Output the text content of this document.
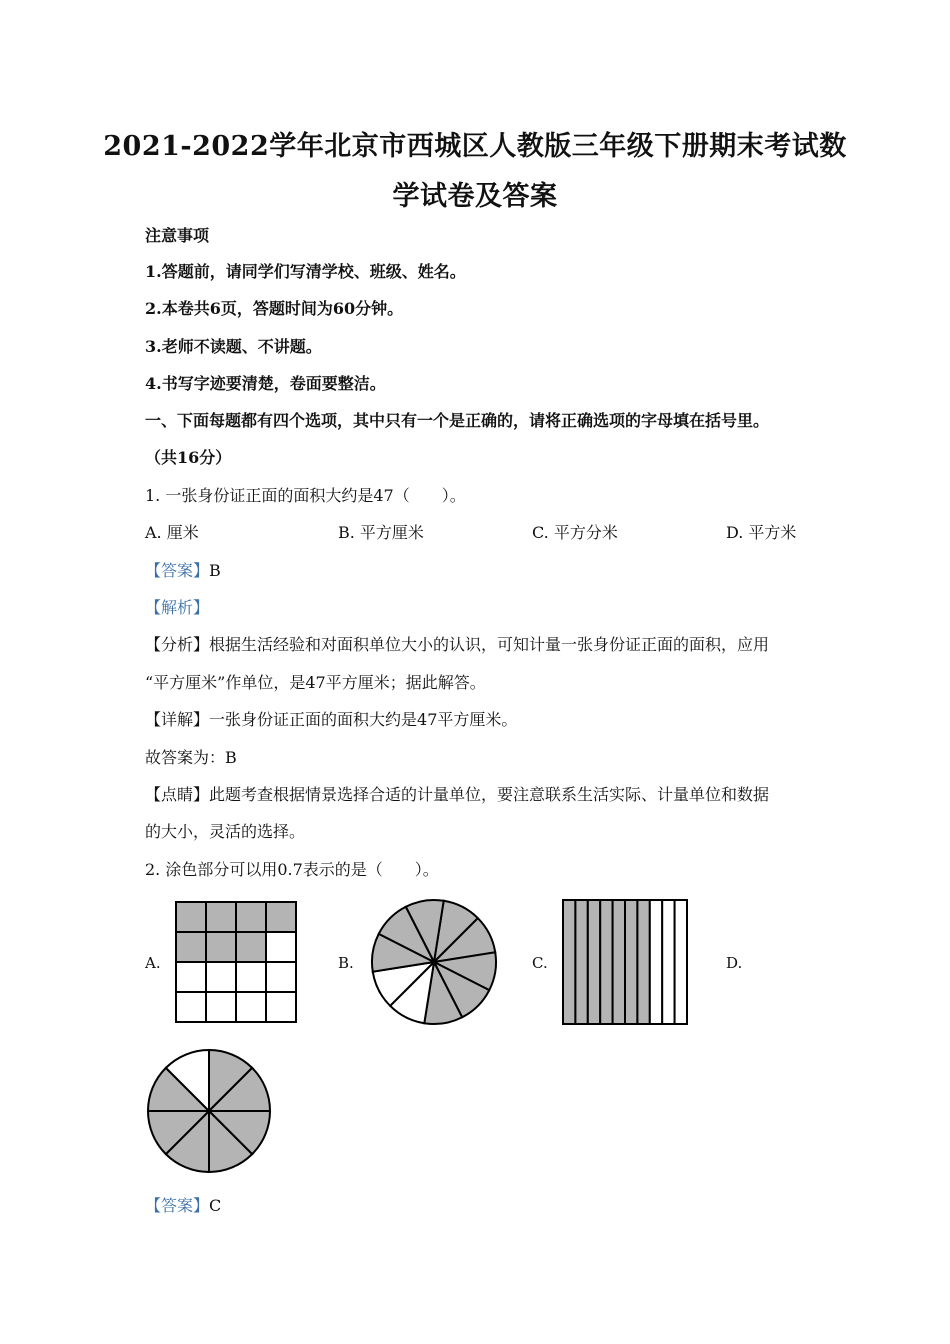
2021-2022学年北京市西城区人教版三年级下册期末考试数
学试卷及答案
注意事项
1.答题前，请同学们写清学校、班级、姓名。
2.本卷共6页，答题时间为60分钟。
3.老师不读题、不讲题。
4.书写字迹要清楚，卷面要整洁。
一、下面每题都有四个选项，其中只有一个是正确的，请将正确选项的字母填在括号里。
（共16分）
1. 一张身份证正面的面积大约是47（　　）。
A. 厘米	B. 平方厘米	C. 平方分米	D. 平方米
【答案】B
【解析】
【分析】根据生活经验和对面积单位大小的认识，可知计量一张身份证正面的面积，应用
“平方厘米”作单位，是47平方厘米；据此解答。
【详解】一张身份证正面的面积大约是47平方厘米。
故答案为：B
【点睛】此题考查根据情景选择合适的计量单位，要注意联系生活实际、计量单位和数据
的大小，灵活的选择。
2. 涂色部分可以用0.7表示的是（　　）。
A.	B.	C.	D.
【答案】C
